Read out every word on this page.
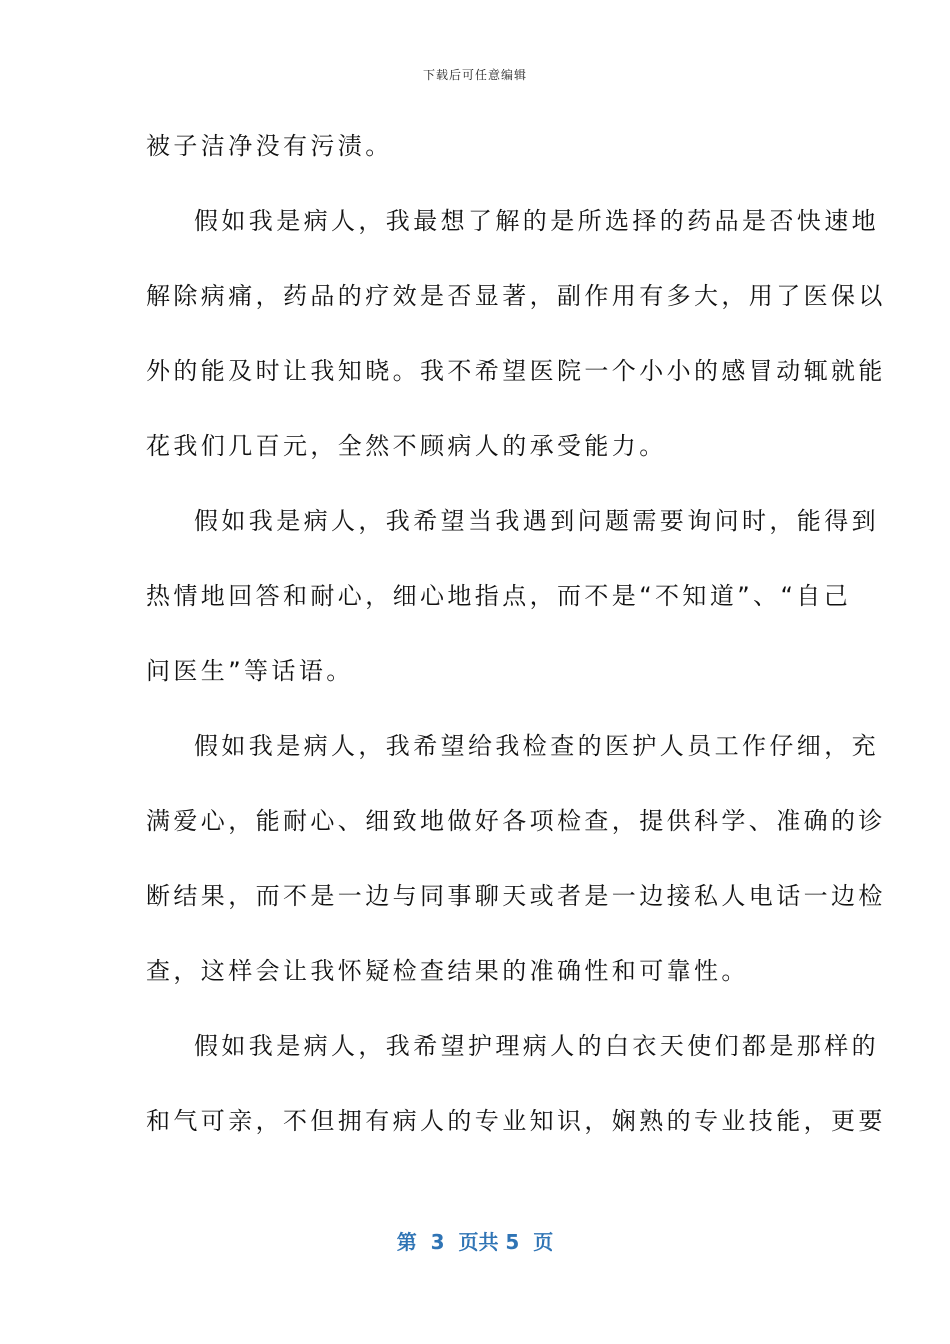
下载后可任意编辑
被子洁净没有污渍。
假如我是病人，我最想了解的是所选择的药品是否快速地
解除病痛，药品的疗效是否显著，副作用有多大，用了医保以
外的能及时让我知晓。我不希望医院一个小小的感冒动辄就能
花我们几百元，全然不顾病人的承受能力。
假如我是病人，我希望当我遇到问题需要询问时，能得到
热情地回答和耐心，细心地指点，而不是“不知道”、“自己
问医生”等话语。
假如我是病人，我希望给我检查的医护人员工作仔细，充
满爱心，能耐心、细致地做好各项检查，提供科学、准确的诊
断结果，而不是一边与同事聊天或者是一边接私人电话一边检
查，这样会让我怀疑检查结果的准确性和可靠性。
假如我是病人，我希望护理病人的白衣天使们都是那样的
和气可亲，不但拥有病人的专业知识，娴熟的专业技能，更要
第  3  页共 5  页
